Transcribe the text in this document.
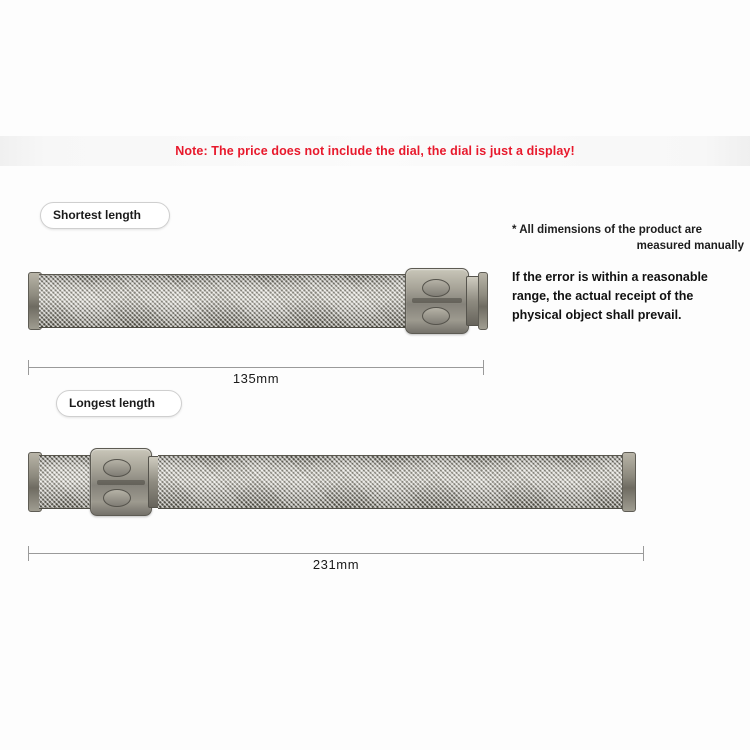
Note: The price does not include the dial, the dial is just a display!
* All dimensions of the product are
measured manually
If the error is within a reasonable range, the actual receipt of the physical object shall prevail.
Shortest length
135mm
Longest length
231mm
